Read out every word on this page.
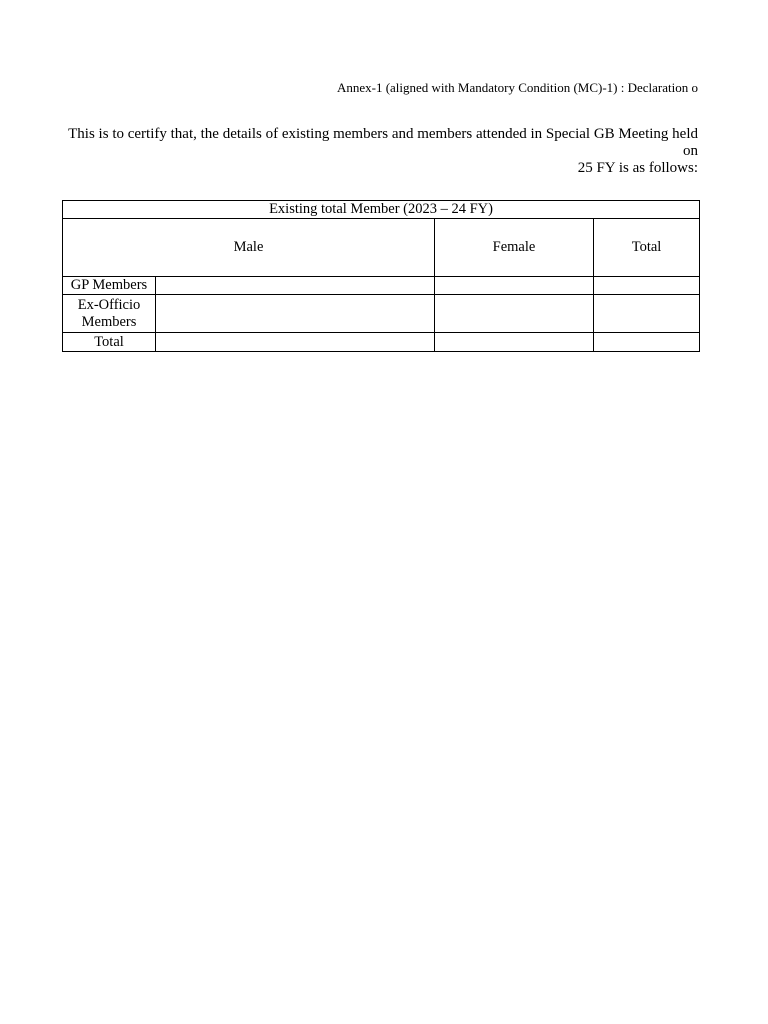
Annex-1 (aligned with Mandatory Condition (MC)-1) : Declaration o
This is to certify that, the details of existing members and members attended in Special GB Meeting held on
25 FY is as follows:
Existing total Member (2023 – 24 FY)			
Male		Female	Total
GP Members			
Ex-Officio Members			
Total			
